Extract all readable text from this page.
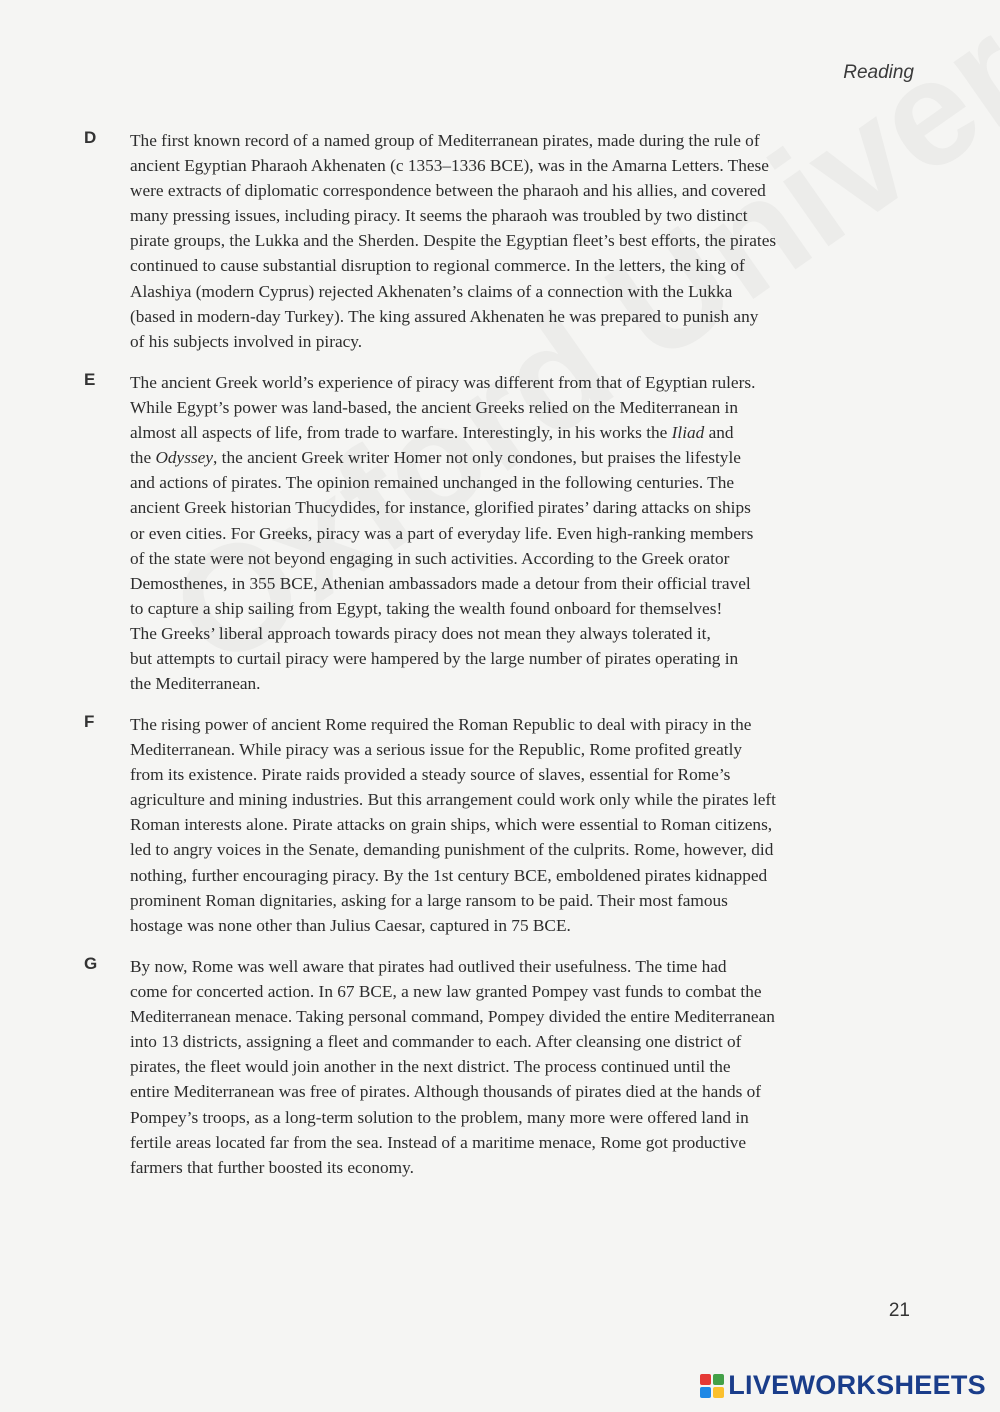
Reading
D The first known record of a named group of Mediterranean pirates, made during the rule of
ancient Egyptian Pharaoh Akhenaten (c 1353–1336 BCE), was in the Amarna Letters. These
were extracts of diplomatic correspondence between the pharaoh and his allies, and covered
many pressing issues, including piracy. It seems the pharaoh was troubled by two distinct
pirate groups, the Lukka and the Sherden. Despite the Egyptian fleet’s best efforts, the pirates
continued to cause substantial disruption to regional commerce. In the letters, the king of
Alashiya (modern Cyprus) rejected Akhenaten’s claims of a connection with the Lukka
(based in modern-day Turkey). The king assured Akhenaten he was prepared to punish any
of his subjects involved in piracy.
E The ancient Greek world’s experience of piracy was different from that of Egyptian rulers.
While Egypt’s power was land-based, the ancient Greeks relied on the Mediterranean in
almost all aspects of life, from trade to warfare. Interestingly, in his works the Iliad and
the Odyssey, the ancient Greek writer Homer not only condones, but praises the lifestyle
and actions of pirates. The opinion remained unchanged in the following centuries. The
ancient Greek historian Thucydides, for instance, glorified pirates’ daring attacks on ships
or even cities. For Greeks, piracy was a part of everyday life. Even high-ranking members
of the state were not beyond engaging in such activities. According to the Greek orator
Demosthenes, in 355 BCE, Athenian ambassadors made a detour from their official travel
to capture a ship sailing from Egypt, taking the wealth found onboard for themselves!
The Greeks’ liberal approach towards piracy does not mean they always tolerated it,
but attempts to curtail piracy were hampered by the large number of pirates operating in
the Mediterranean.
F The rising power of ancient Rome required the Roman Republic to deal with piracy in the
Mediterranean. While piracy was a serious issue for the Republic, Rome profited greatly
from its existence. Pirate raids provided a steady source of slaves, essential for Rome’s
agriculture and mining industries. But this arrangement could work only while the pirates left
Roman interests alone. Pirate attacks on grain ships, which were essential to Roman citizens,
led to angry voices in the Senate, demanding punishment of the culprits. Rome, however, did
nothing, further encouraging piracy. By the 1st century BCE, emboldened pirates kidnapped
prominent Roman dignitaries, asking for a large ransom to be paid. Their most famous
hostage was none other than Julius Caesar, captured in 75 BCE.
G By now, Rome was well aware that pirates had outlived their usefulness. The time had
come for concerted action. In 67 BCE, a new law granted Pompey vast funds to combat the
Mediterranean menace. Taking personal command, Pompey divided the entire Mediterranean
into 13 districts, assigning a fleet and commander to each. After cleansing one district of
pirates, the fleet would join another in the next district. The process continued until the
entire Mediterranean was free of pirates. Although thousands of pirates died at the hands of
Pompey’s troops, as a long-term solution to the problem, many more were offered land in
fertile areas located far from the sea. Instead of a maritime menace, Rome got productive
farmers that further boosted its economy.
21
LIVEWORKSHEETS
